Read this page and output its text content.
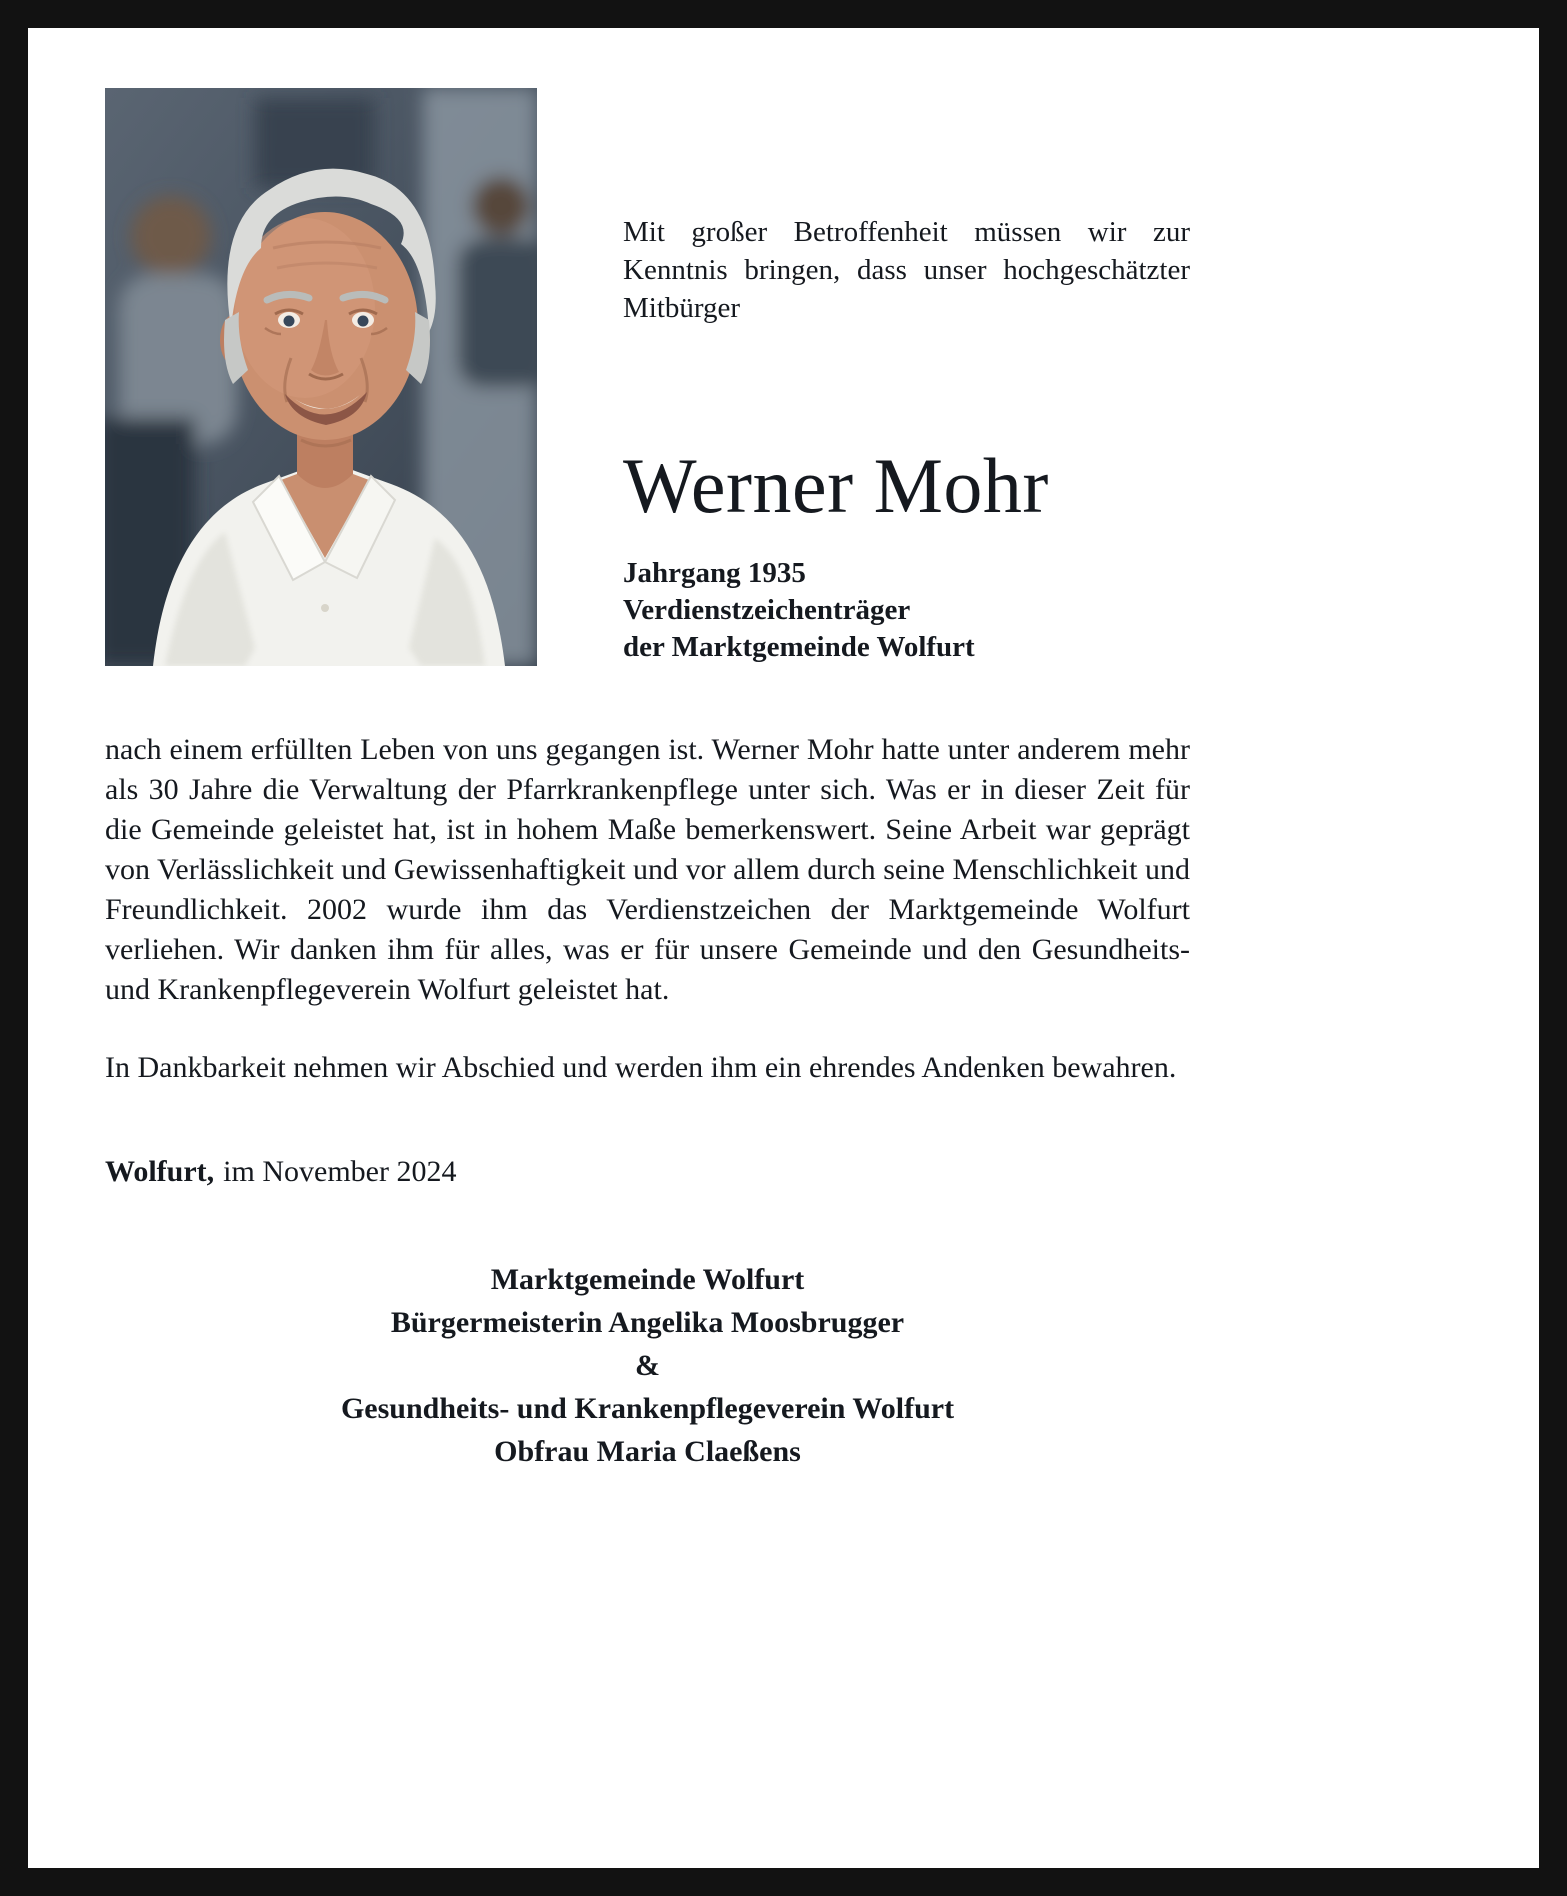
Mit großer Betroffenheit müssen wir zur Kenntnis bringen, dass unser hochgeschätzter Mitbürger

Werner Mohr
Jahrgang 1935
Verdienstzeichenträger
der Marktgemeinde Wolfurt

nach einem erfüllten Leben von uns gegangen ist. Werner Mohr hatte unter anderem mehr als 30 Jahre die Verwaltung der Pfarrkrankenpflege unter sich. Was er in dieser Zeit für die Gemeinde geleistet hat, ist in hohem Maße bemerkenswert. Seine Arbeit war geprägt von Verlässlichkeit und Gewissenhaftigkeit und vor allem durch seine Menschlichkeit und Freundlichkeit. 2002 wurde ihm das Verdienstzeichen der Marktgemeinde Wolfurt verliehen. Wir danken ihm für alles, was er für unsere Gemeinde und den Gesundheits- und Krankenpflegeverein Wolfurt geleistet hat.

In Dankbarkeit nehmen wir Abschied und werden ihm ein ehrendes Andenken bewahren.

Wolfurt, im November 2024

Marktgemeinde Wolfurt
Bürgermeisterin Angelika Moosbrugger
&
Gesundheits- und Krankenpflegeverein Wolfurt
Obfrau Maria Claeßens
